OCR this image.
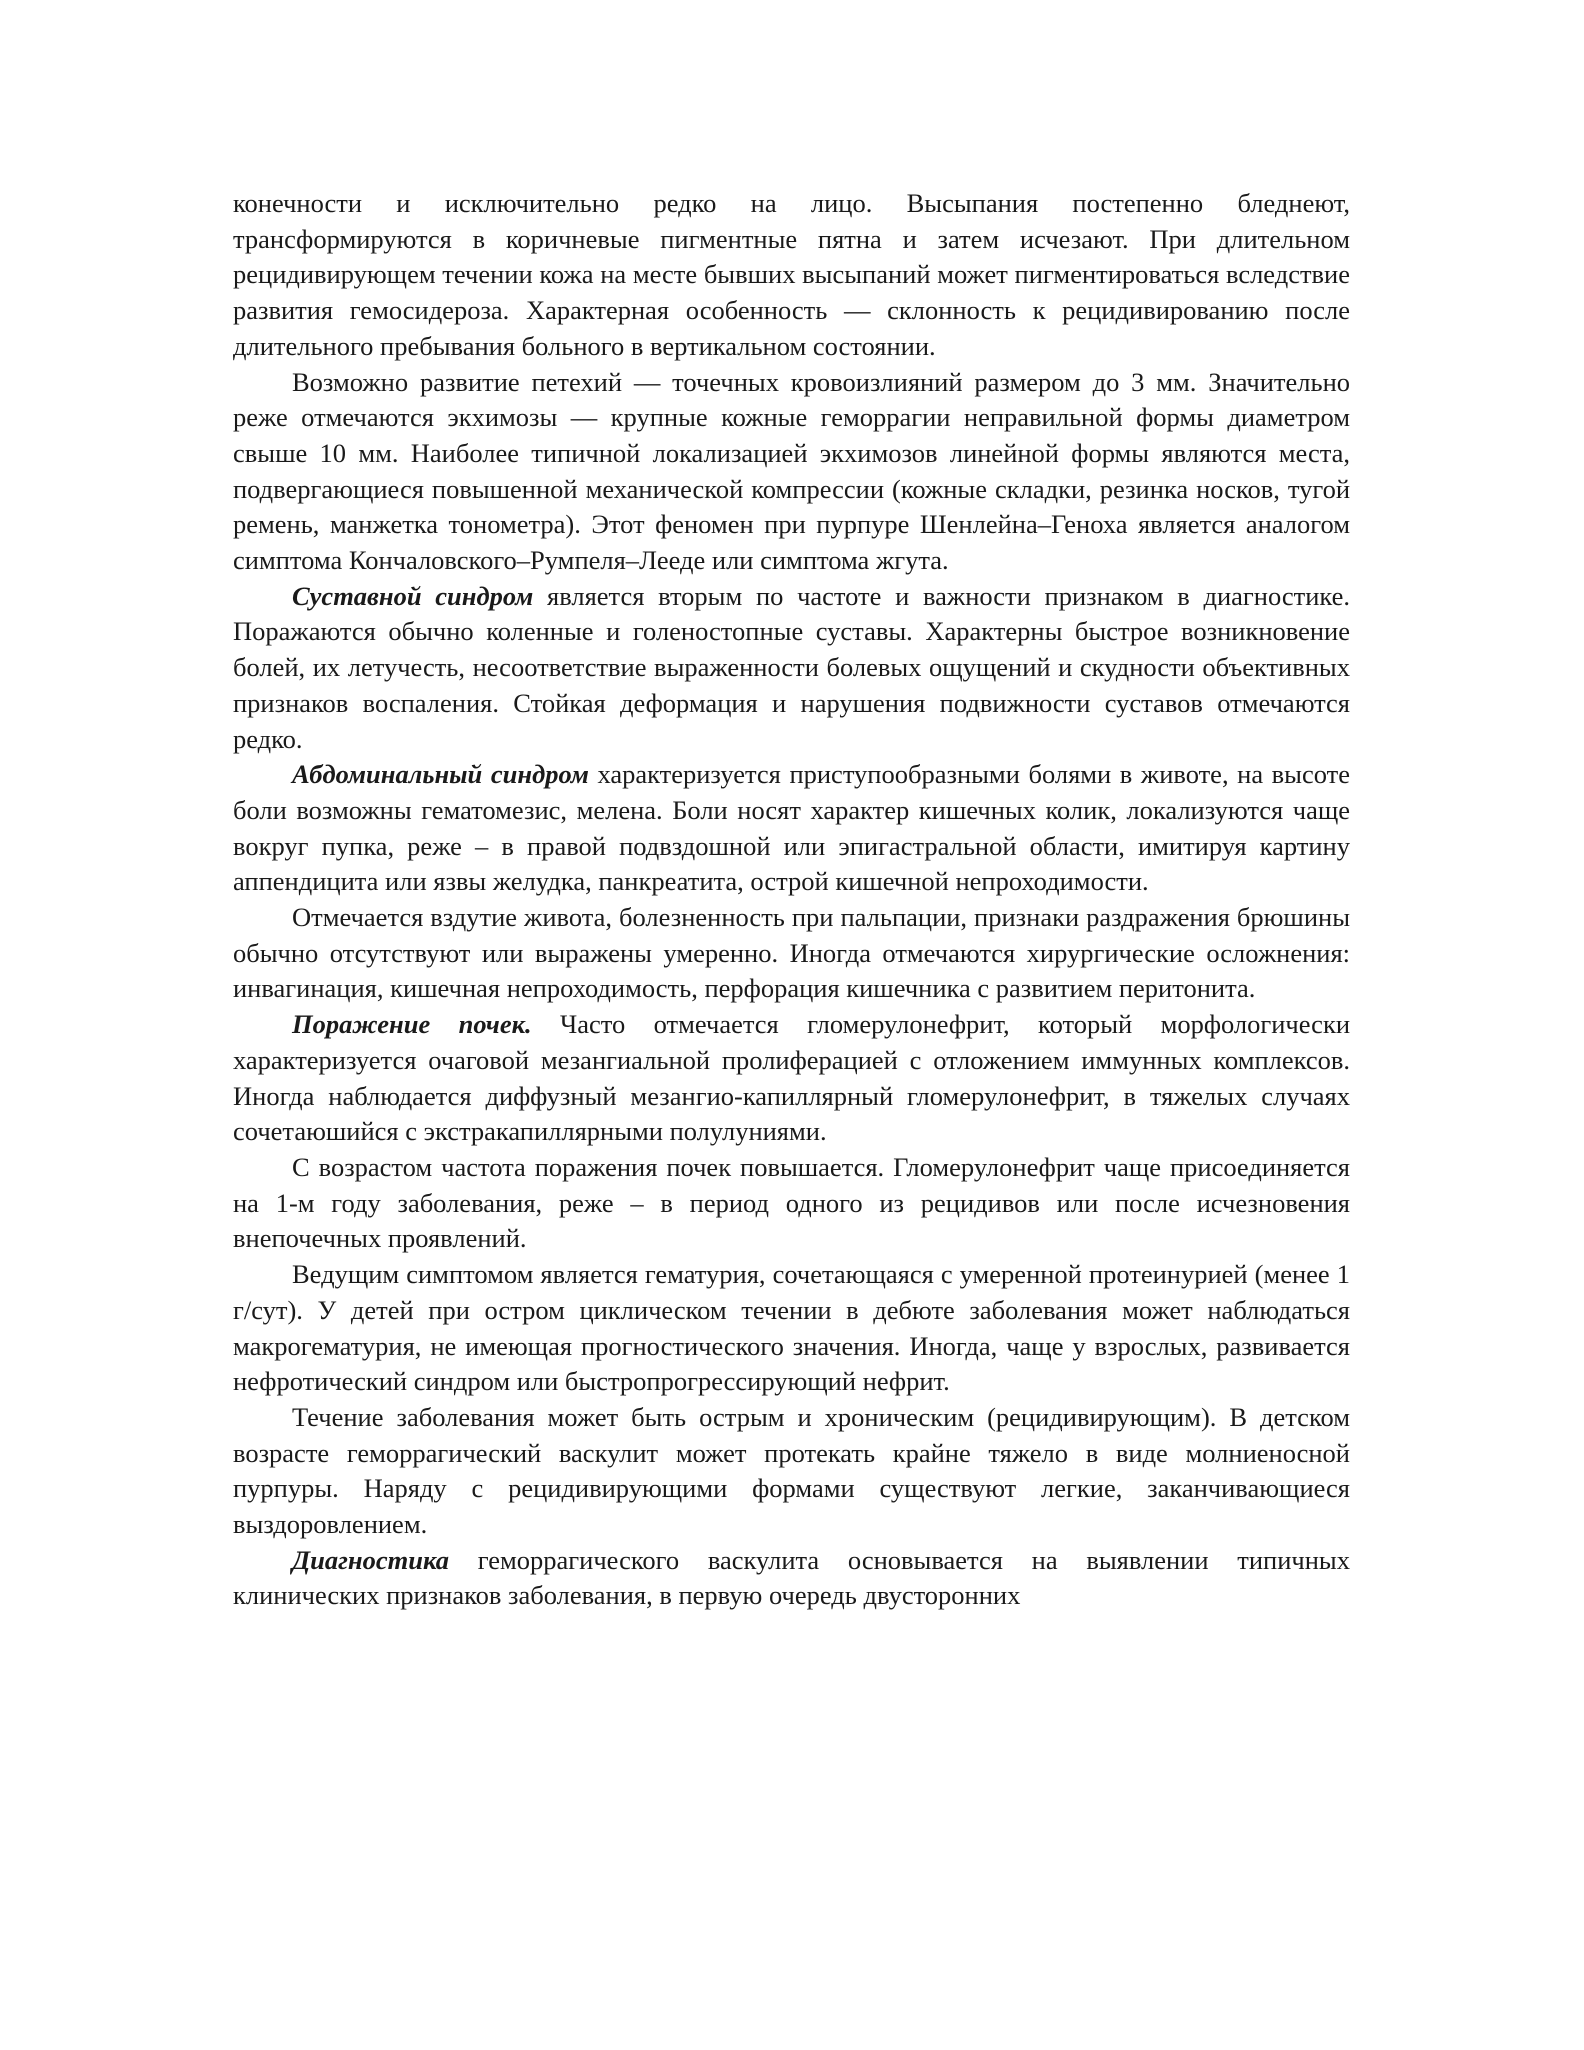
конечности и исключительно редко на лицо. Высыпания постепенно бледнеют, трансформируются в коричневые пигментные пятна и затем исчезают. При длительном рецидивирующем течении кожа на месте бывших высыпаний может пигментироваться вследствие развития гемосидероза. Характерная особенность — склонность к рецидивированию после длительного пребывания больного в вертикальном состоянии.

Возможно развитие петехий — точечных кровоизлияний размером до 3 мм. Значительно реже отмечаются экхимозы — крупные кожные геморрагии неправильной формы диаметром свыше 10 мм. Наиболее типичной локализацией экхимозов линейной формы являются места, подвергающиеся повышенной механической компрессии (кожные складки, резинка носков, тугой ремень, манжетка тонометра). Этот феномен при пурпуре Шенлейна–Геноха является аналогом симптома Кончаловского–Румпеля–Леедe или симптома жгута.

Суставной синдром является вторым по частоте и важности признаком в диагностике. Поражаются обычно коленные и голеностопные суставы. Характерны быстрое возникновение болей, их летучесть, несоответствие выраженности болевых ощущений и скудности объективных признаков воспаления. Стойкая деформация и нарушения подвижности суставов отмечаются редко.

Абдоминальный синдром характеризуется приступообразными болями в животе, на высоте боли возможны гематомезис, мелена. Боли носят характер кишечных колик, локализуются чаще вокруг пупка, реже – в правой подвздошной или эпигастральной области, имитируя картину аппендицита или язвы желудка, панкреатита, острой кишечной непроходимости.

Отмечается вздутие живота, болезненность при пальпации, признаки раздражения брюшины обычно отсутствуют или выражены умеренно. Иногда отмечаются хирургические осложнения: инвагинация, кишечная непроходимость, перфорация кишечника с развитием перитонита.

Поражение почек. Часто отмечается гломерулонефрит, который морфологически характеризуется очаговой мезангиальной пролиферацией с отложением иммунных комплексов. Иногда наблюдается диффузный мезангио-капиллярный гломерулонефрит, в тяжелых случаях сочетаюшийся с экстракапиллярными полулуниями.

С возрастом частота поражения почек повышается. Гломерулонефрит чаще присоединяется на 1-м году заболевания, реже – в период одного из рецидивов или после исчезновения внепочечных проявлений.

Ведущим симптомом является гематурия, сочетающаяся с умеренной протеинурией (менее 1 г/сут). У детей при остром циклическом течении в дебюте заболевания может наблюдаться макрогематурия, не имеющая прогностического значения. Иногда, чаще у взрослых, развивается нефротический синдром или быстропрогрессирующий нефрит.

Течение заболевания может быть острым и хроническим (рецидивирующим). В детском возрасте геморрагический васкулит может протекать крайне тяжело в виде молниеносной пурпуры. Наряду с рецидивирующими формами существуют легкие, заканчивающиеся выздоровлением.

Диагностика геморрагического васкулита основывается на выявлении типичных клинических признаков заболевания, в первую очередь двусторонних
